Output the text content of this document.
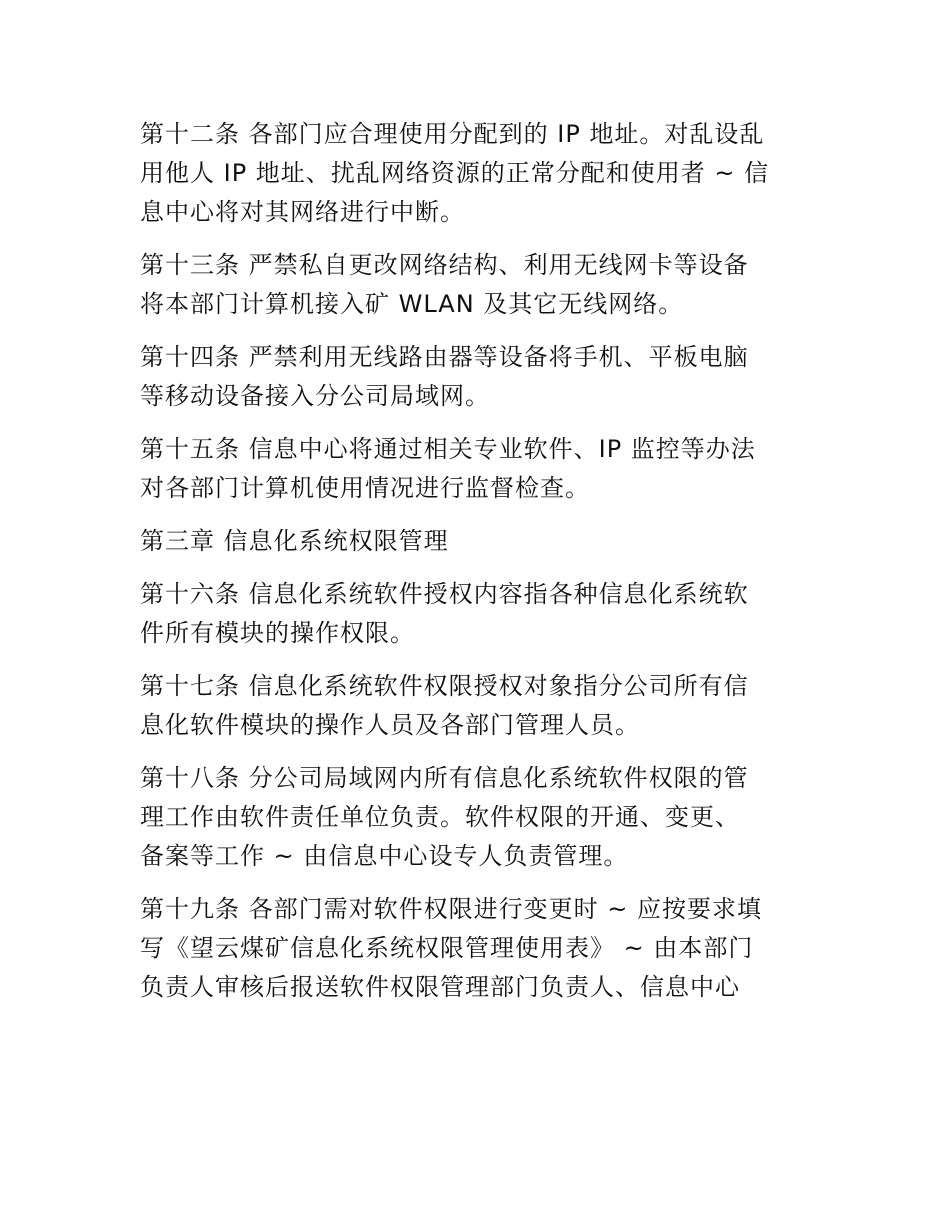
第十二条 各部门应合理使用分配到的 IP 地址。对乱设乱
用他人 IP 地址、扰乱网络资源的正常分配和使用者 ~ 信
息中心将对其网络进行中断。

第十三条 严禁私自更改网络结构、利用无线网卡等设备
将本部门计算机接入矿 WLAN 及其它无线网络。

第十四条 严禁利用无线路由器等设备将手机、平板电脑
等移动设备接入分公司局域网。

第十五条 信息中心将通过相关专业软件、IP 监控等办法
对各部门计算机使用情况进行监督检查。

第三章 信息化系统权限管理

第十六条 信息化系统软件授权内容指各种信息化系统软
件所有模块的操作权限。

第十七条 信息化系统软件权限授权对象指分公司所有信
息化软件模块的操作人员及各部门管理人员。

第十八条 分公司局域网内所有信息化系统软件权限的管
理工作由软件责任单位负责。软件权限的开通、变更、
备案等工作 ~ 由信息中心设专人负责管理。

第十九条 各部门需对软件权限进行变更时 ~ 应按要求填
写《望云煤矿信息化系统权限管理使用表》 ~ 由本部门
负责人审核后报送软件权限管理部门负责人、信息中心
